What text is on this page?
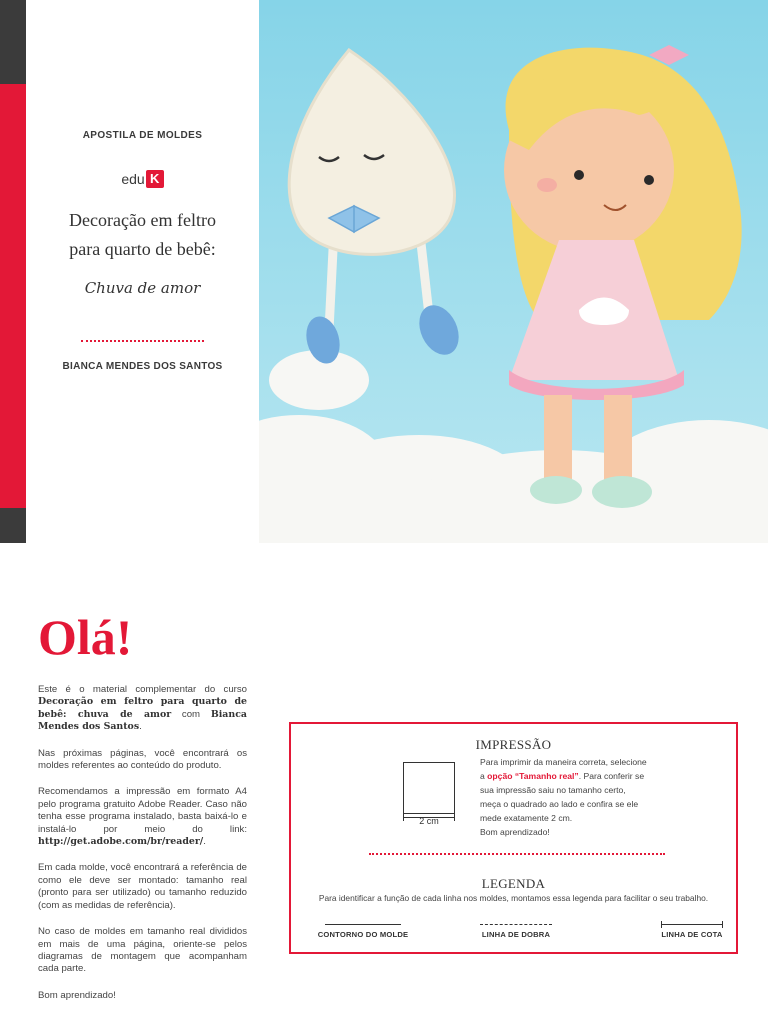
APOSTILA DE MOLDES
edu K
Decoração em feltro
para quarto de bebê:
Chuva de amor
BIANCA MENDES DOS SANTOS
Olá!

Este é o material complementar do curso Decoração em feltro para quarto de bebê: chuva de amor com Bianca Mendes dos Santos.

Nas próximas páginas, você encontrará os moldes referentes ao conteúdo do produto.

Recomendamos a impressão em formato A4 pelo programa gratuito Adobe Reader. Caso não tenha esse programa instalado, basta baixá-lo e instalá-lo por meio do link: http://get.adobe.com/br/reader/.

Em cada molde, você encontrará a referência de como ele deve ser montado: tamanho real (pronto para ser utilizado) ou tamanho reduzido (com as medidas de referência).

No caso de moldes em tamanho real divididos em mais de uma página, oriente-se pelos diagramas de montagem que acompanham cada parte.

Bom aprendizado!

IMPRESSÃO
2 cm
Para imprimir da maneira correta, selecione a opção “Tamanho real”. Para conferir se sua impressão saiu no tamanho certo, meça o quadrado ao lado e confira se ele mede exatamente 2 cm.
Bom aprendizado!
LEGENDA
Para identificar a função de cada linha nos moldes, montamos essa legenda para facilitar o seu trabalho.
CONTORNO DO MOLDE	LINHA DE DOBRA	LINHA DE COTA
